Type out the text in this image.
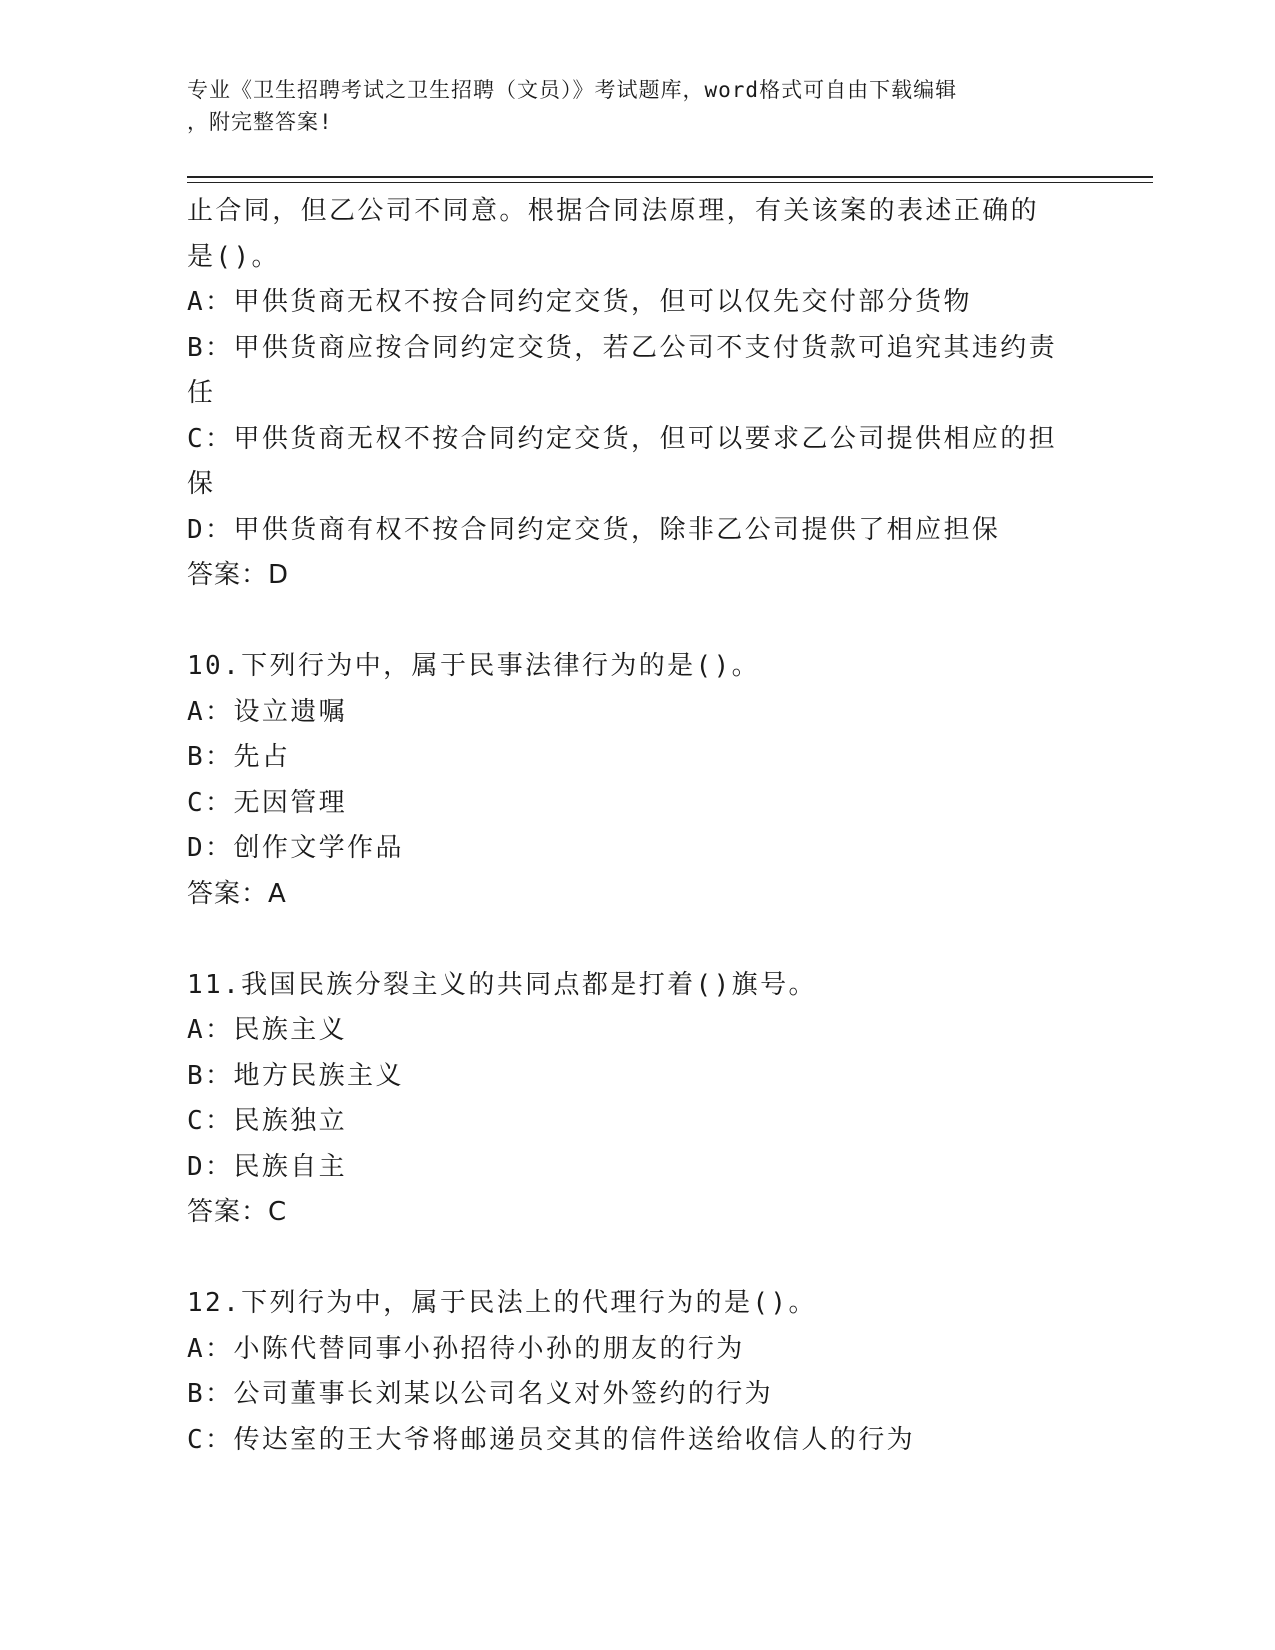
专业《卫生招聘考试之卫生招聘（文员）》考试题库，word格式可自由下载编辑
，附完整答案!

止合同，但乙公司不同意。根据合同法原理，有关该案的表述正确的

是()。

A：甲供货商无权不按合同约定交货，但可以仅先交付部分货物

B：甲供货商应按合同约定交货，若乙公司不支付货款可追究其违约责

任

C：甲供货商无权不按合同约定交货，但可以要求乙公司提供相应的担

保

D：甲供货商有权不按合同约定交货，除非乙公司提供了相应担保

答案：D

10.下列行为中，属于民事法律行为的是()。

A：设立遗嘱

B：先占

C：无因管理

D：创作文学作品

答案：A

11.我国民族分裂主义的共同点都是打着()旗号。

A：民族主义

B：地方民族主义

C：民族独立

D：民族自主

答案：C

12.下列行为中，属于民法上的代理行为的是()。

A：小陈代替同事小孙招待小孙的朋友的行为

B：公司董事长刘某以公司名义对外签约的行为

C：传达室的王大爷将邮递员交其的信件送给收信人的行为
